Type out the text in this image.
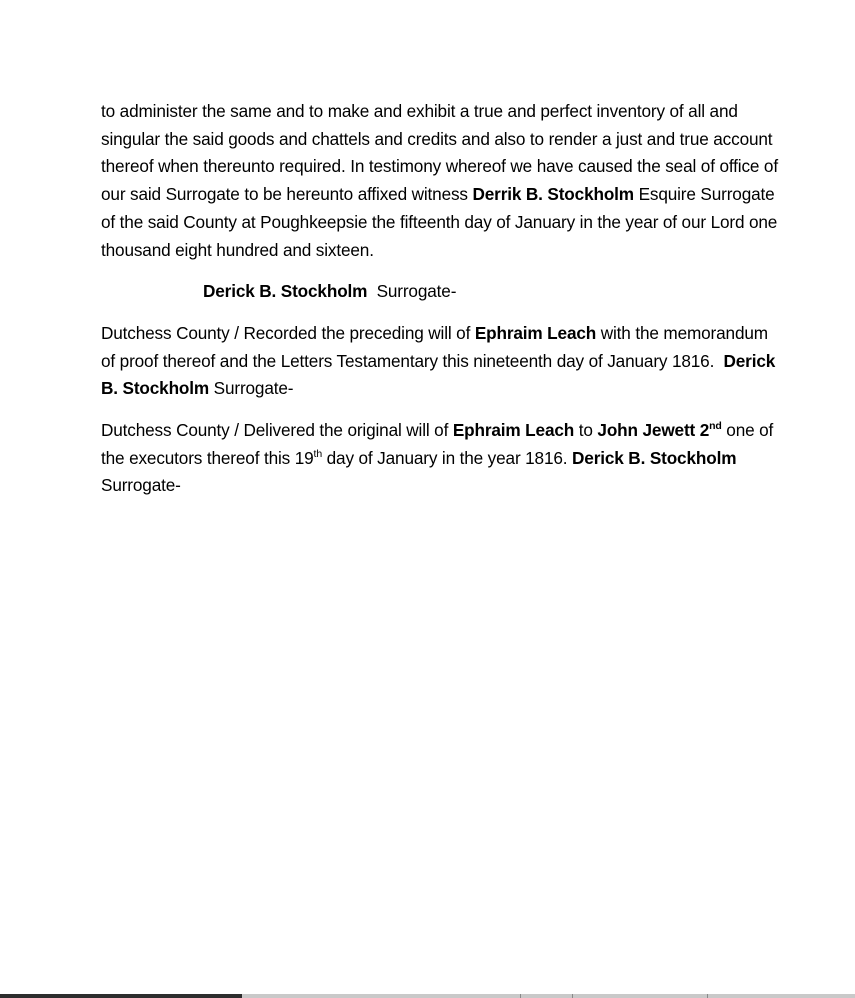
to administer the same and to make and exhibit a true and perfect inventory of all and singular the said goods and chattels and credits and also to render a just and true account thereof when thereunto required. In testimony whereof we have caused the seal of office of our said Surrogate to be hereunto affixed witness Derrik B. Stockholm Esquire Surrogate of the said County at Poughkeepsie the fifteenth day of January in the year of our Lord one thousand eight hundred and sixteen.

Derick B. Stockholm  Surrogate-

Dutchess County / Recorded the preceding will of Ephraim Leach with the memorandum of proof thereof and the Letters Testamentary this nineteenth day of January 1816.  Derick B. Stockholm Surrogate-

Dutchess County / Delivered the original will of Ephraim Leach to John Jewett 2nd one of the executors thereof this 19th day of January in the year 1816. Derick B. Stockholm  Surrogate-
